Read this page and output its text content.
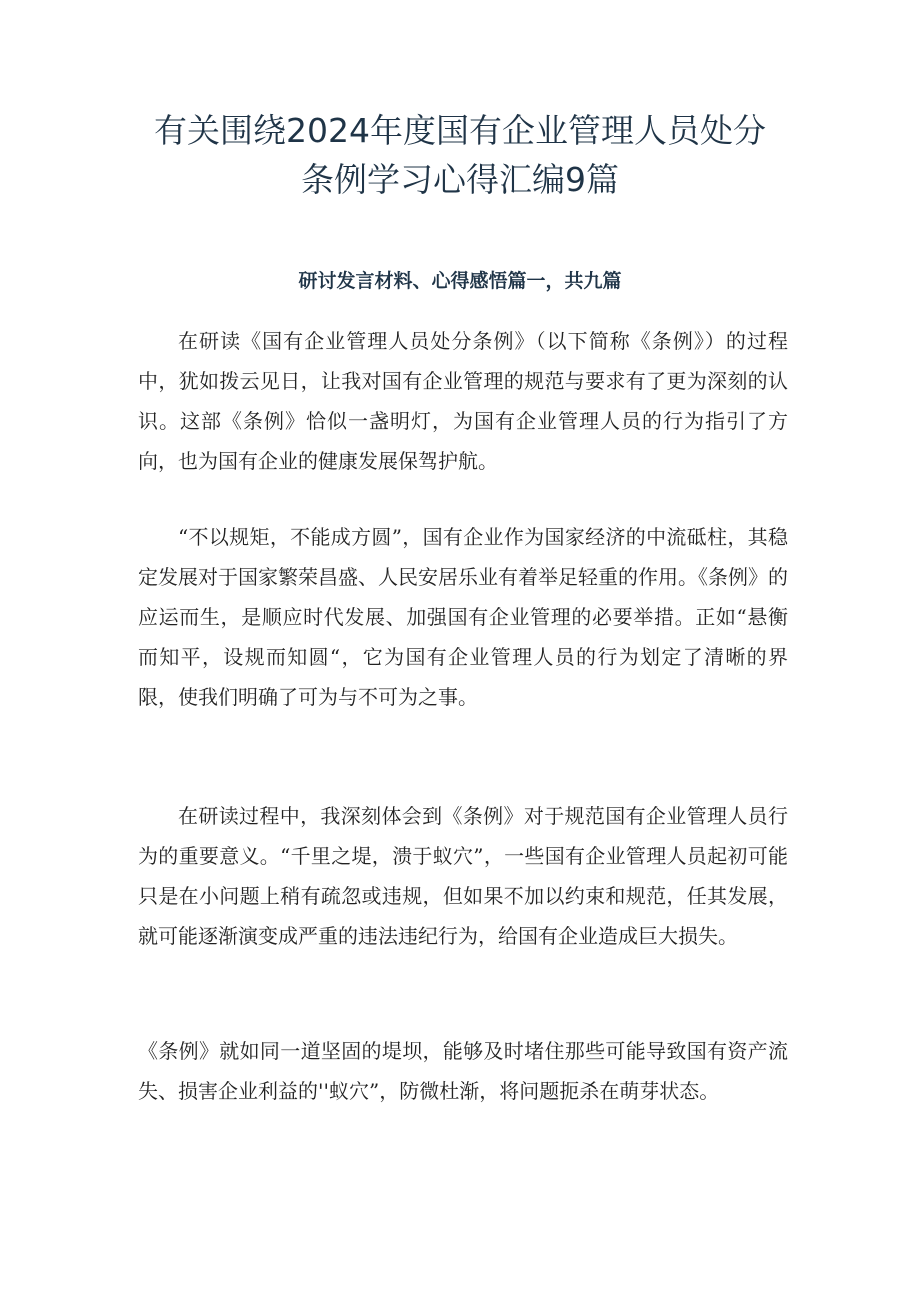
有关围绕2024年度国有企业管理人员处分
条例学习心得汇编9篇
研讨发言材料、心得感悟篇一，共九篇

在研读《国有企业管理人员处分条例》（以下简称《条例》）的过程中，犹如拨云见日，让我对国有企业管理的规范与要求有了更为深刻的认识。这部《条例》恰似一盏明灯，为国有企业管理人员的行为指引了方向，也为国有企业的健康发展保驾护航。

“不以规矩，不能成方圆”，国有企业作为国家经济的中流砥柱，其稳定发展对于国家繁荣昌盛、人民安居乐业有着举足轻重的作用。《条例》的应运而生，是顺应时代发展、加强国有企业管理的必要举措。正如“悬衡而知平，设规而知圆“，它为国有企业管理人员的行为划定了清晰的界限，使我们明确了可为与不可为之事。

在研读过程中，我深刻体会到《条例》对于规范国有企业管理人员行为的重要意义。“千里之堤，溃于蚁穴”，一些国有企业管理人员起初可能只是在小问题上稍有疏忽或违规，但如果不加以约束和规范，任其发展，就可能逐渐演变成严重的违法违纪行为，给国有企业造成巨大损失。

《条例》就如同一道坚固的堤坝，能够及时堵住那些可能导致国有资产流失、损害企业利益的''蚁穴”，防微杜渐，将问题扼杀在萌芽状态。
